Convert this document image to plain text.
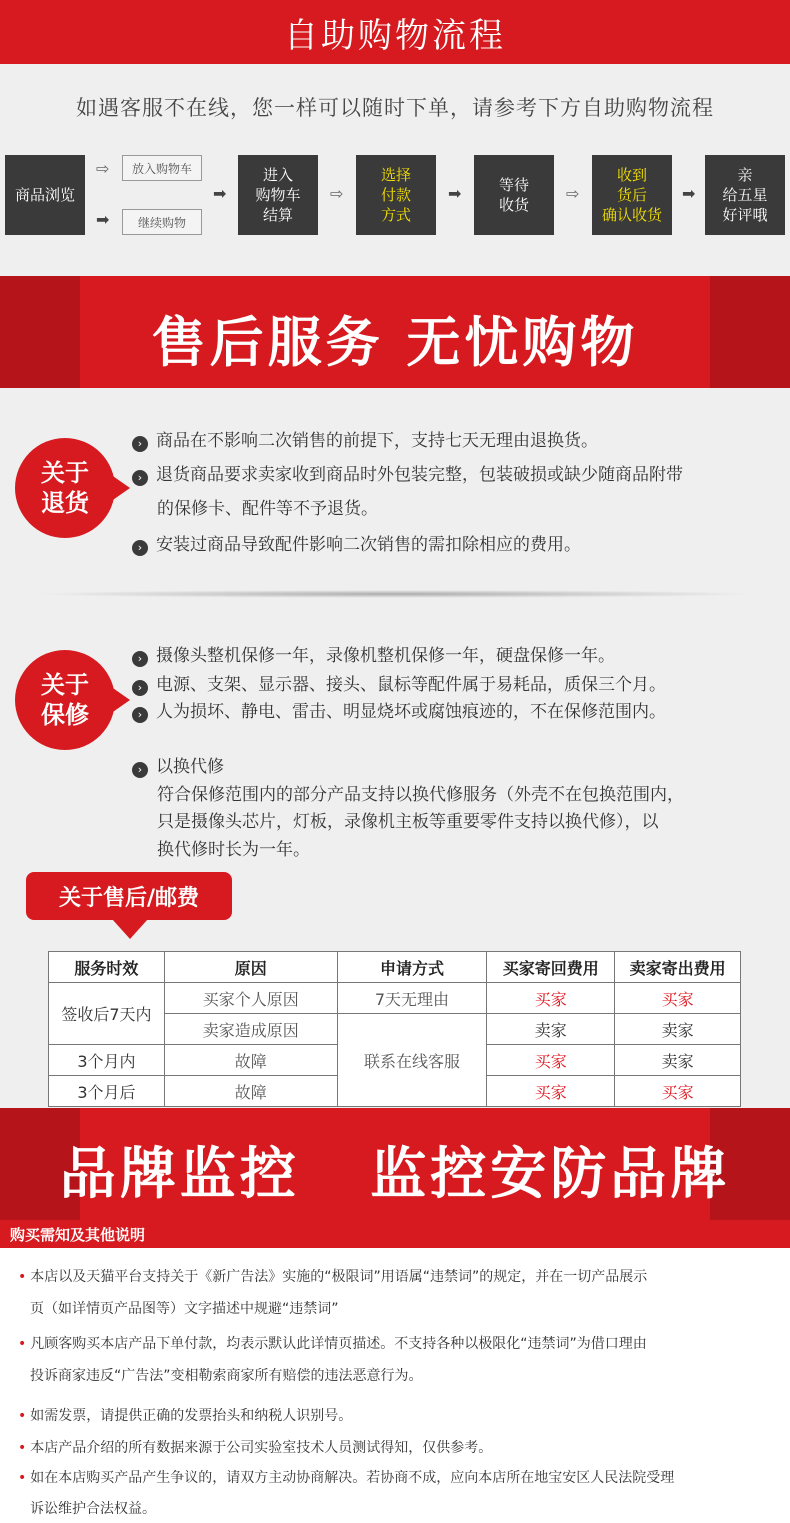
自助购物流程
如遇客服不在线，您一样可以随时下单，请参考下方自助购物流程
商品浏览
⇨	放入购物车
➡	继续购物
➡
进入
购物车
结算
⇨
选择
付款
方式
➡	等待
收货
⇨
收到
货后
确认收货
➡
亲
给五星
好评哦
售后服务 无忧购物
关于
退货
› 商品在不影响二次销售的前提下，支持七天无理由退换货。
› 退货商品要求卖家收到商品时外包装完整，包装破损或缺少随商品附带
的保修卡、配件等不予退货。
› 安装过商品导致配件影响二次销售的需扣除相应的费用。
关于
保修
› 摄像头整机保修一年，录像机整机保修一年，硬盘保修一年。
› 电源、支架、显示器、接头、鼠标等配件属于易耗品，质保三个月。
› 人为损坏、静电、雷击、明显烧坏或腐蚀痕迹的，不在保修范围内。
› 以换代修
符合保修范围内的部分产品支持以换代修服务（外壳不在包换范围内，
只是摄像头芯片，灯板，录像机主板等重要零件支持以换代修），以
换代修时长为一年。
关于售后/邮费
服务时效	原因	申请方式	买家寄回费用	卖家寄出费用
签收后7天内	买家个人原因	7天无理由	买家	买家
	卖家造成原因	联系在线客服	卖家	卖家
3个月内	故障		买家	卖家
3个月后	故障		买家	买家
品牌监控   监控安防品牌
购买需知及其他说明
• 本店以及天猫平台支持关于《新广告法》实施的“极限词”用语属“违禁词”的规定，并在一切产品展示
页（如详情页产品图等）文字描述中规避“违禁词”
• 凡顾客购买本店产品下单付款，均表示默认此详情页描述。不支持各种以极限化“违禁词”为借口理由
投诉商家违反“广告法”变相勒索商家所有赔偿的违法恶意行为。
• 如需发票，请提供正确的发票抬头和纳税人识别号。
• 本店产品介绍的所有数据来源于公司实验室技术人员测试得知，仅供参考。
• 如在本店购买产品产生争议的，请双方主动协商解决。若协商不成，应向本店所在地宝安区人民法院受理
诉讼维护合法权益。
